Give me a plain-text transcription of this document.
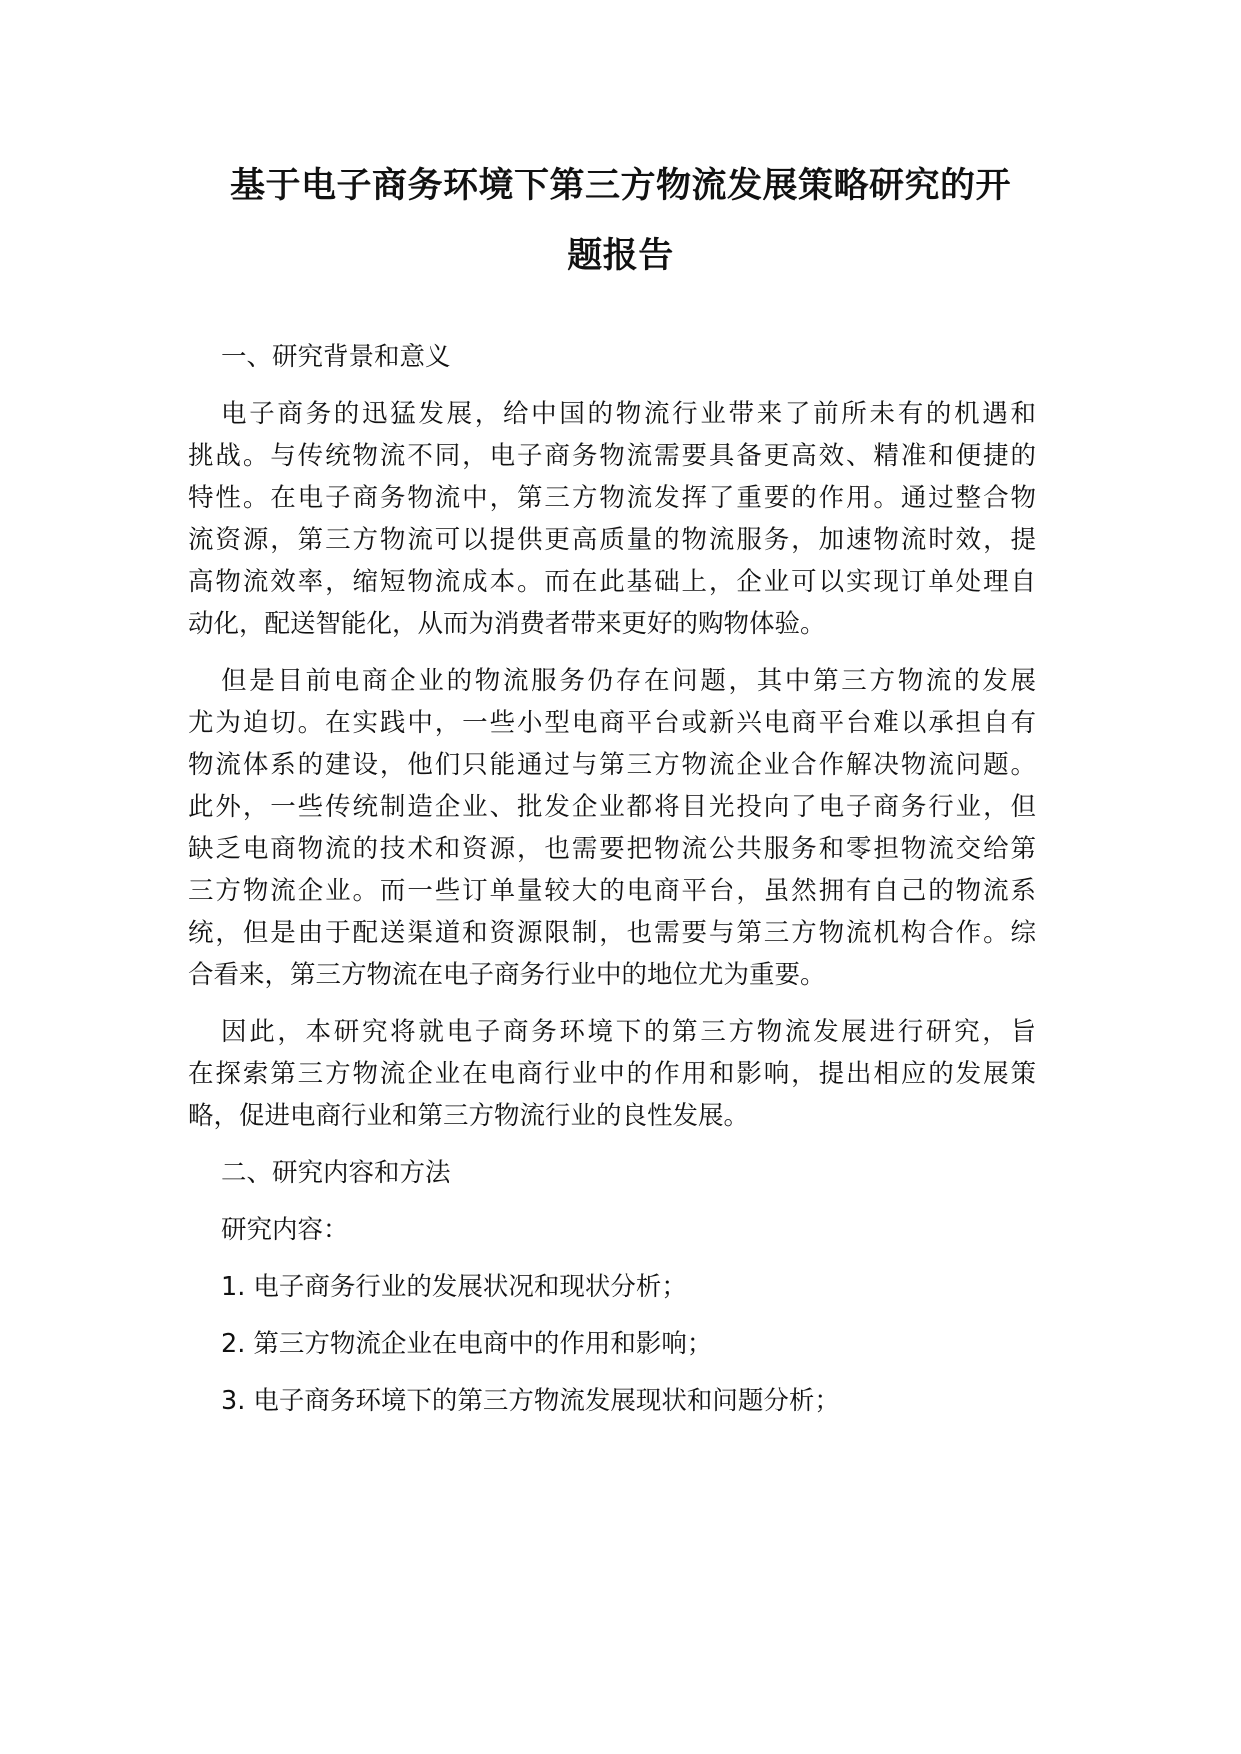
基于电子商务环境下第三方物流发展策略研究的开
题报告
一、研究背景和意义
电子商务的迅猛发展，给中国的物流行业带来了前所未有的机遇和
挑战。与传统物流不同，电子商务物流需要具备更高效、精准和便捷的
特性。在电子商务物流中，第三方物流发挥了重要的作用。通过整合物
流资源，第三方物流可以提供更高质量的物流服务，加速物流时效，提
高物流效率，缩短物流成本。而在此基础上，企业可以实现订单处理自
动化，配送智能化，从而为消费者带来更好的购物体验。
但是目前电商企业的物流服务仍存在问题，其中第三方物流的发展
尤为迫切。在实践中，一些小型电商平台或新兴电商平台难以承担自有
物流体系的建设，他们只能通过与第三方物流企业合作解决物流问题。
此外，一些传统制造企业、批发企业都将目光投向了电子商务行业，但
缺乏电商物流的技术和资源，也需要把物流公共服务和零担物流交给第
三方物流企业。而一些订单量较大的电商平台，虽然拥有自己的物流系
统，但是由于配送渠道和资源限制，也需要与第三方物流机构合作。综
合看来，第三方物流在电子商务行业中的地位尤为重要。
因此，本研究将就电子商务环境下的第三方物流发展进行研究，旨
在探索第三方物流企业在电商行业中的作用和影响，提出相应的发展策
略，促进电商行业和第三方物流行业的良性发展。
二、研究内容和方法
研究内容：
1. 电子商务行业的发展状况和现状分析；
2. 第三方物流企业在电商中的作用和影响；
3. 电子商务环境下的第三方物流发展现状和问题分析；
